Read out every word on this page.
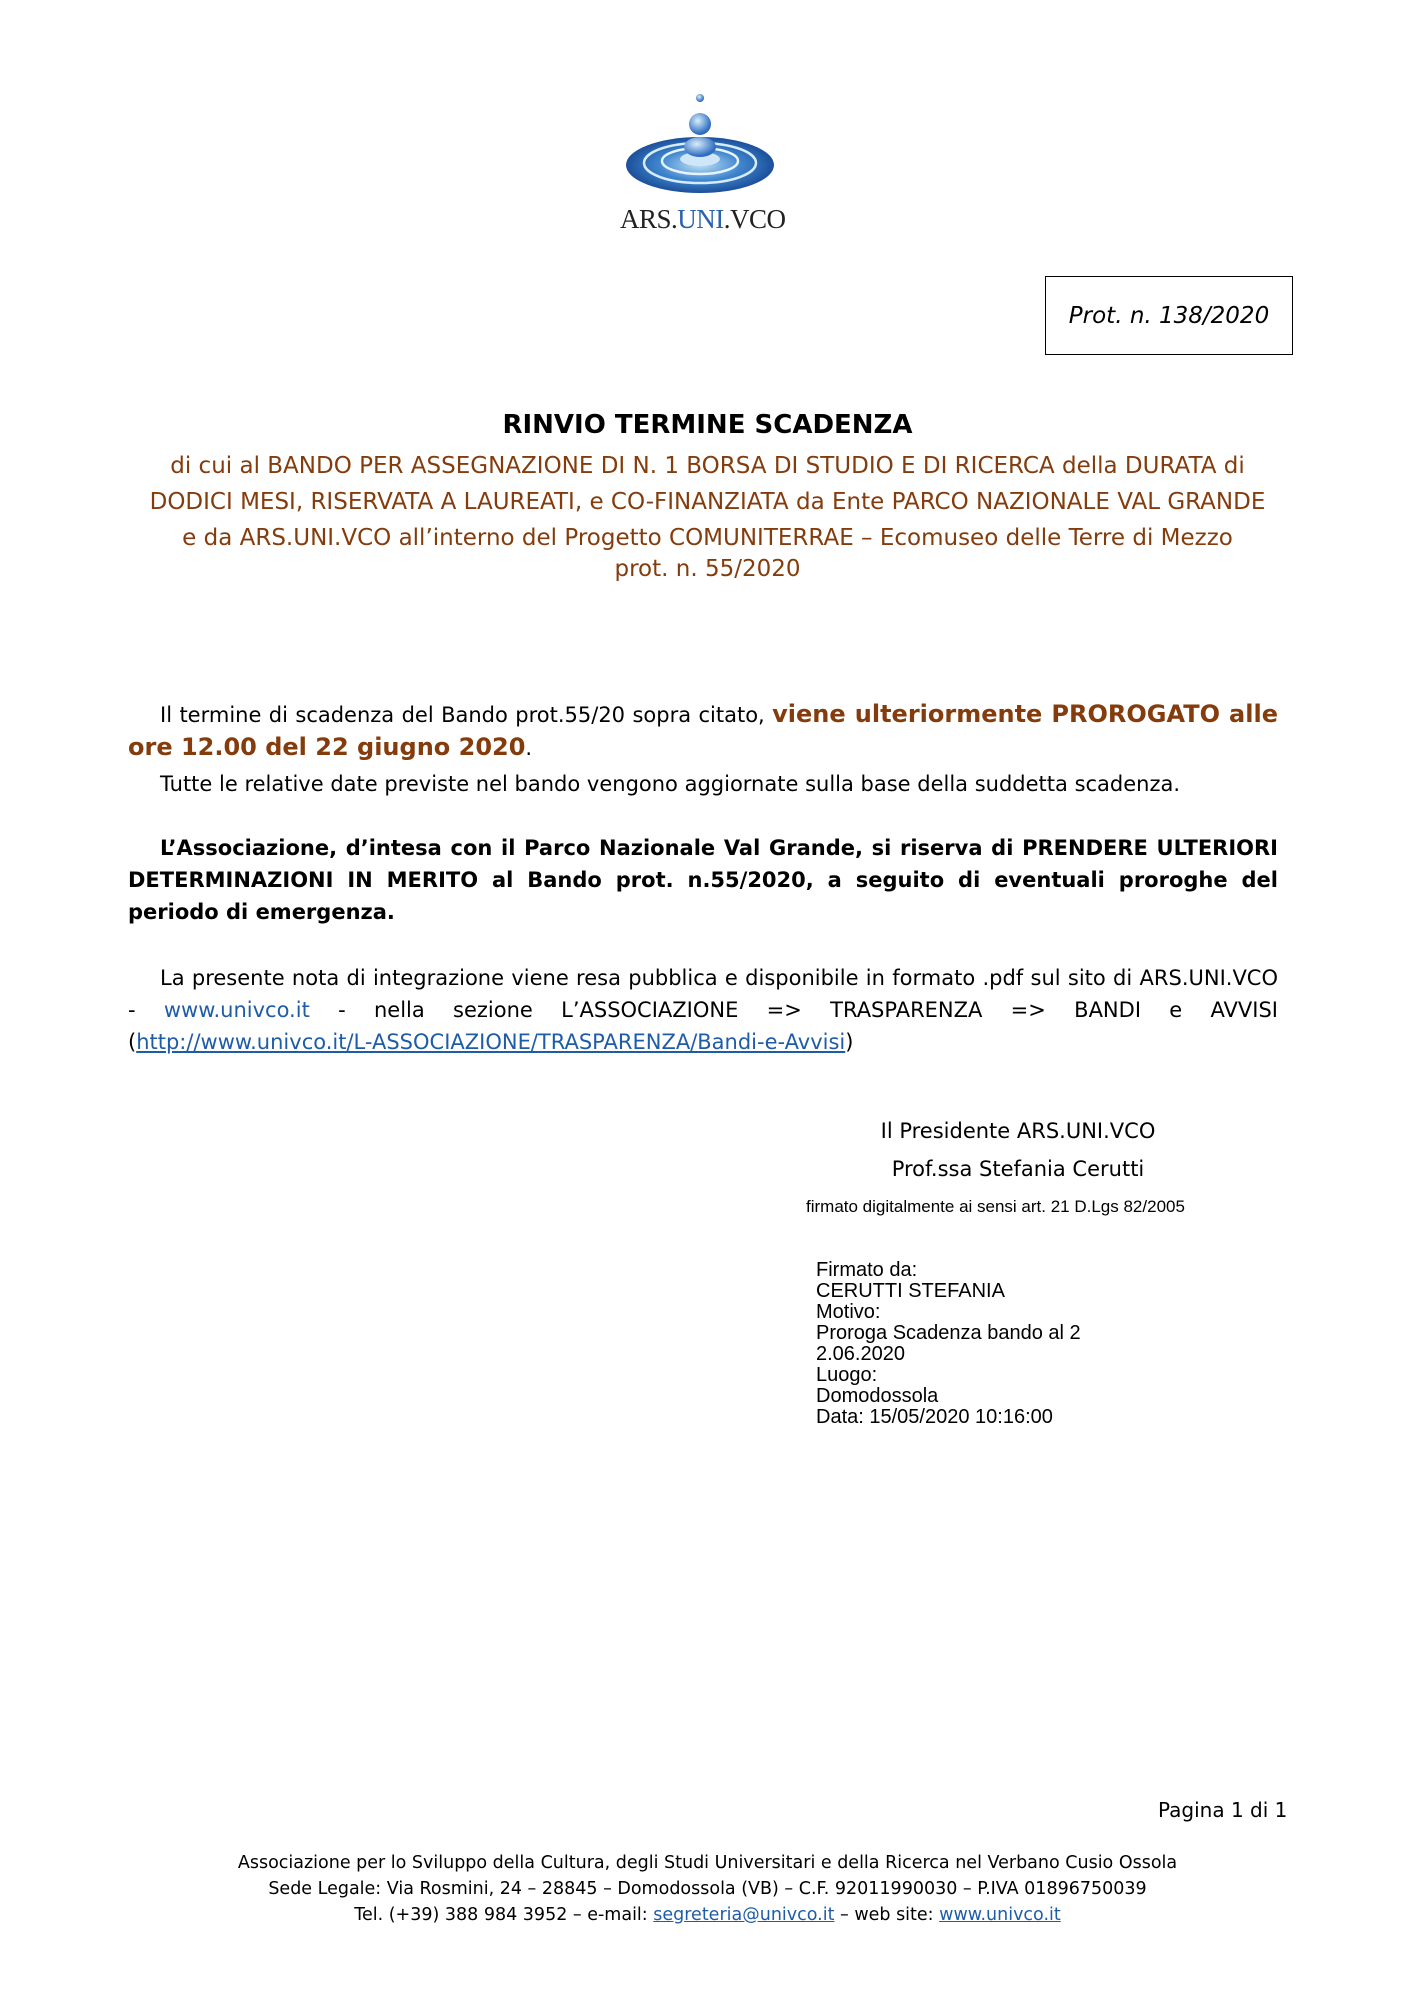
ARS.UNI.VCO
Prot. n. 138/2020
RINVIO TERMINE SCADENZA
di cui al BANDO PER ASSEGNAZIONE DI N. 1 BORSA DI STUDIO E DI RICERCA della DURATA di
DODICI MESI, RISERVATA A LAUREATI, e CO-FINANZIATA da Ente PARCO NAZIONALE VAL GRANDE
e da ARS.UNI.VCO all’interno del Progetto COMUNITERRAE – Ecomuseo delle Terre di Mezzo
prot. n. 55/2020
Il termine di scadenza del Bando prot.55/20 sopra citato, viene ulteriormente PROROGATO alle ore 12.00 del 22 giugno 2020.
Tutte le relative date previste nel bando vengono aggiornate sulla base della suddetta scadenza.
L’Associazione, d’intesa con il Parco Nazionale Val Grande, si riserva di PRENDERE ULTERIORI DETERMINAZIONI IN MERITO al Bando prot. n.55/2020, a seguito di eventuali proroghe del periodo di emergenza.
La presente nota di integrazione viene resa pubblica e disponibile in formato .pdf sul sito di ARS.UNI.VCO - www.univco.it - nella sezione L’ASSOCIAZIONE => TRASPARENZA => BANDI e AVVISI (http://www.univco.it/L-ASSOCIAZIONE/TRASPARENZA/Bandi-e-Avvisi)
Il Presidente ARS.UNI.VCO
Prof.ssa Stefania Cerutti
firmato digitalmente ai sensi art. 21 D.Lgs 82/2005
Firmato da:
CERUTTI STEFANIA
Motivo:
Proroga Scadenza bando al 2
2.06.2020
Luogo:
Domodossola
Data: 15/05/2020 10:16:00
Pagina 1 di 1
Associazione per lo Sviluppo della Cultura, degli Studi Universitari e della Ricerca nel Verbano Cusio Ossola
Sede Legale: Via Rosmini, 24 – 28845 – Domodossola (VB) – C.F. 92011990030 – P.IVA 01896750039
Tel. (+39) 388 984 3952 – e-mail: segreteria@univco.it – web site: www.univco.it
